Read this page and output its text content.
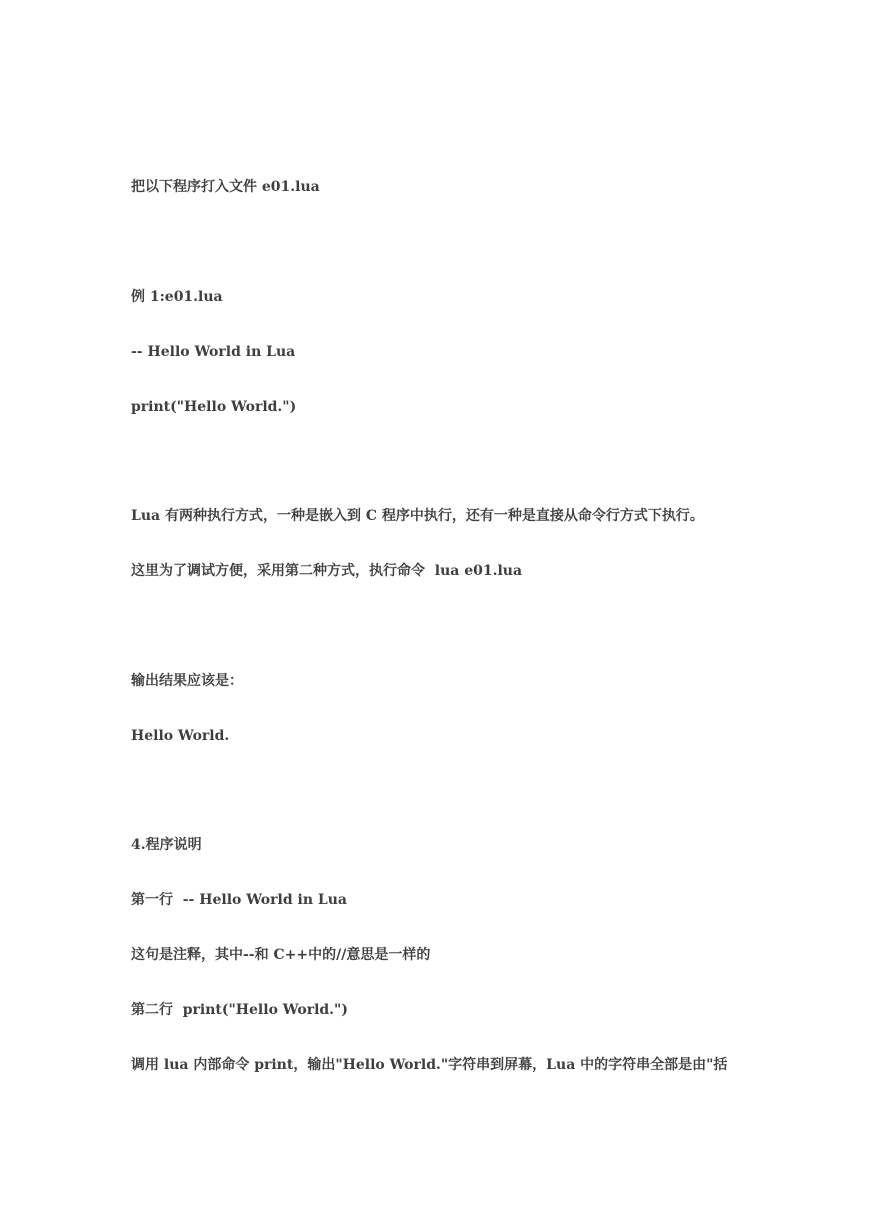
把以下程序打入文件 e01.lua
例 1:e01.lua
-- Hello World in Lua
print("Hello World.")
Lua 有两种执行方式，一种是嵌入到 C 程序中执行，还有一种是直接从命令行方式下执行。
这里为了调试方便，采用第二种方式，执行命令  lua e01.lua
输出结果应该是：
Hello World.
4.程序说明
第一行  -- Hello World in Lua
这句是注释，其中--和 C++中的//意思是一样的
第二行  print("Hello World.")
调用 lua 内部命令 print，输出"Hello World."字符串到屏幕，Lua 中的字符串全部是由"括
